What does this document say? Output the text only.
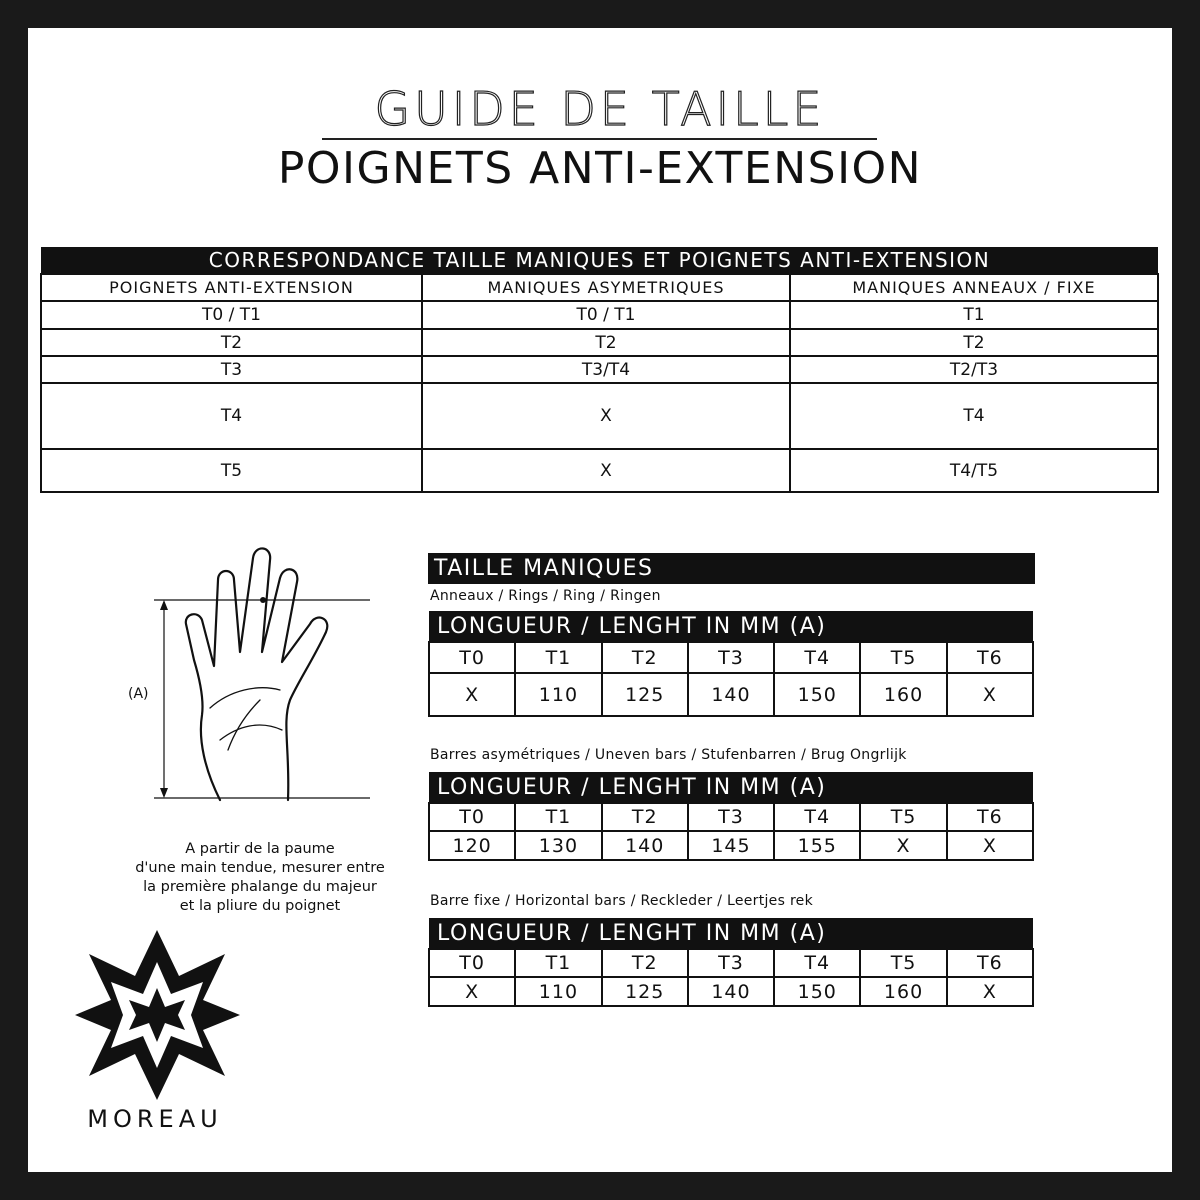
GUIDE DE TAILLE
POIGNETS ANTI-EXTENSION
CORRESPONDANCE TAILLE MANIQUES ET POIGNETS ANTI-EXTENSION		
POIGNETS ANTI-EXTENSION	MANIQUES ASYMETRIQUES	MANIQUES ANNEAUX / FIXE
T0 / T1	T0 / T1	T1
T2	T2	T2
T3	T3/T4	T2/T3
T4	X	T4
T5	X	T4/T5
(A)
A partir de la paume
d'une main tendue, mesurer entre
la première phalange du majeur
et la pliure du poignet
TAILLE MANIQUES
Anneaux / Rings / Ring / Ringen
LONGUEUR / LENGHT IN MM (A)						
T0	T1	T2	T3	T4	T5	T6
X	110	125	140	150	160	X
Barres asymétriques / Uneven bars / Stufenbarren / Brug Ongrlijk
LONGUEUR / LENGHT IN MM (A)						
T0	T1	T2	T3	T4	T5	T6
120	130	140	145	155	X	X
Barre fixe / Horizontal bars / Reckleder / Leertjes rek
LONGUEUR / LENGHT IN MM (A)						
T0	T1	T2	T3	T4	T5	T6
X	110	125	140	150	160	X
MOREAU
